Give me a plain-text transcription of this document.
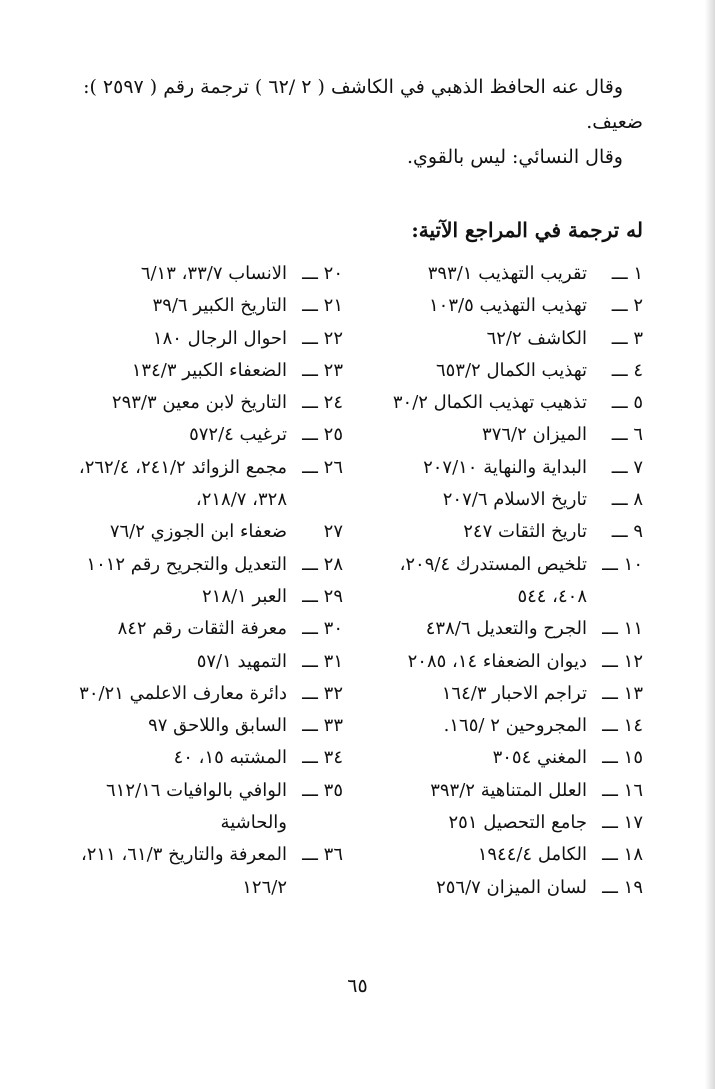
وقال عنه الحافظ الذهبي في الكاشف ( ٢ /٦٢ ) ترجمة رقم ( ٢٥٩٧ ): ضعيف.

وقال النسائي: ليس بالقوي.

له ترجمة في المراجع الآتية:
١ ـــ
تقريب التهذيب ٣٩٣/١
٢ ـــ
تهذيب التهذيب ١٠٣/٥
٣ ـــ
الكاشف ٦٢/٢
٤ ـــ
تهذيب الكمال ٦٥٣/٢
٥ ـــ
تذهيب تهذيب الكمال ٣٠/٢
٦ ـــ
الميزان ٣٧٦/٢
٧ ـــ
البداية والنهاية ٢٠٧/١٠
٨ ـــ
تاريخ الاسلام ٢٠٧/٦
٩ ـــ
تاريخ الثقات ٢٤٧
١٠ ـــ
تلخيص المستدرك ٢٠٩/٤، ٤٠٨، ٥٤٤
١١ ـــ
الجرح والتعديل ٤٣٨/٦
١٢ ـــ
ديوان الضعفاء ١٤، ٢٠٨٥
١٣ ـــ
تراجم الاحبار ١٦٤/٣
١٤ ـــ
المجروحين ٢ /١٦٥.
١٥ ـــ
المغني ٣٠٥٤
١٦ ـــ
العلل المتناهية ٣٩٣/٢
١٧ ـــ
جامع التحصيل ٢٥١
١٨ ـــ
الكامل ١٩٤٤/٤
١٩ ـــ
لسان الميزان ٢٥٦/٧
٢٠ ـــ
الانساب ٣٣/٧، ٦/١٣
٢١ ـــ
التاريخ الكبير ٣٩/٦
٢٢ ـــ
احوال الرجال ١٨٠
٢٣ ـــ
الضعفاء الكبير ١٣٤/٣
٢٤ ـــ
التاريخ لابن معين ٢٩٣/٣
٢٥ ـــ
ترغيب ٥٧٢/٤
٢٦ ـــ
مجمع الزوائد ٢٤١/٢، ٢٦٢/٤، ٣٢٨، ٢١٨/٧،
٢٧
ضعفاء ابن الجوزي ٧٦/٢
٢٨ ـــ
التعديل والتجريح رقم ١٠١٢
٢٩ ـــ
العبر ٢١٨/١
٣٠ ـــ
معرفة الثقات رقم ٨٤٢
٣١ ـــ
التمهيد ٥٧/١
٣٢ ـــ
دائرة معارف الاعلمي ٣٠/٢١
٣٣ ـــ
السابق واللاحق ٩٧
٣٤ ـــ
المشتبه ١٥، ٤٠
٣٥ ـــ
الوافي بالوافيات ٦١٢/١٦ والحاشية
٣٦ ـــ
المعرفة والتاريخ ٦١/٣، ٢١١، ١٢٦/٢
٦٥
